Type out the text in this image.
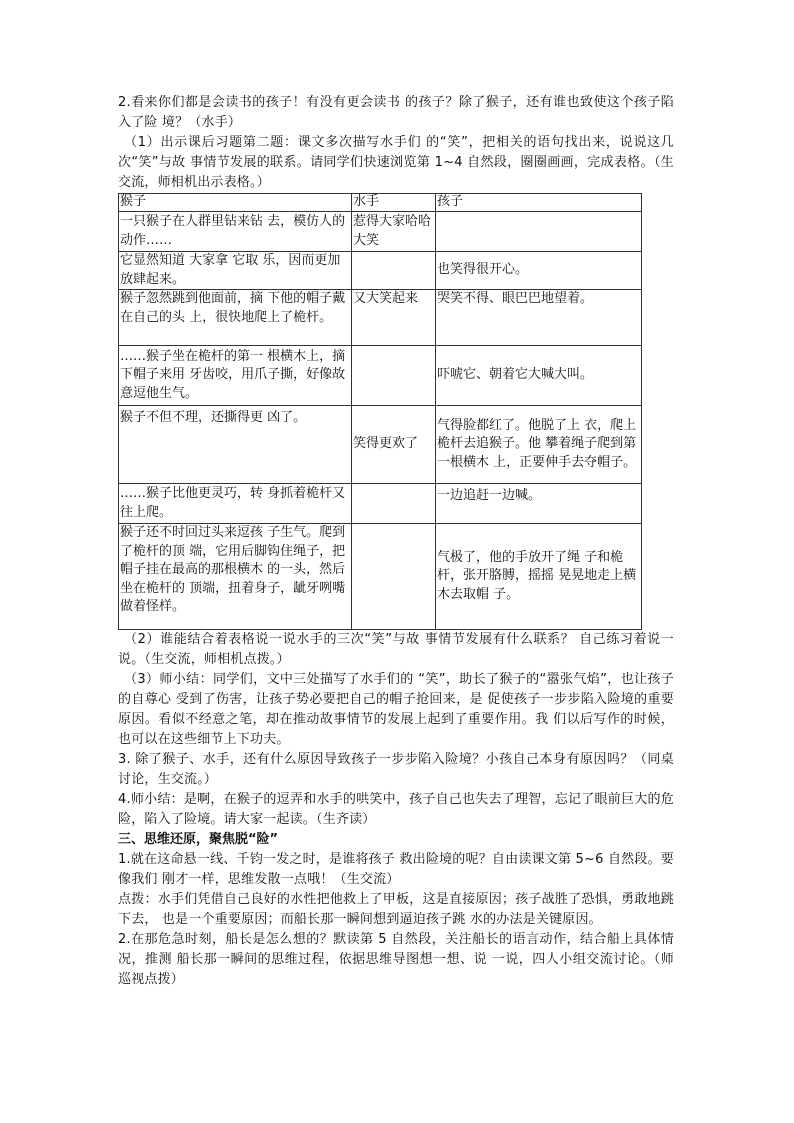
2.看来你们都是会读书的孩子！有没有更会读书 的孩子？除了猴子，还有谁也致使这个孩子陷入了险 境？（水手）

（1）出示课后习题第二题：课文多次描写水手们 的“笑”，把相关的语句找出来，说说这几次“笑”与故 事情节发展的联系。请同学们快速浏览第 1~4 自然段，圈圈画画，完成表格。（生交流，师相机出示表格。）

猴子	水手	孩子
一只猴子在人群里钻来钻 去，模仿人的动作……	惹得大家哈哈大笑	
它显然知道 大家拿 它取 乐，因而更加放肆起来。		也笑得很开心。
猴子忽然跳到他面前，摘 下他的帽子戴在自己的头 上，很快地爬上了桅杆。	又大笑起来	哭笑不得、眼巴巴地望着。
……猴子坐在桅杆的第一 根横木上，摘下帽子来用 牙齿咬，用爪子撕，好像故 意逗他生气。		吓唬它、朝着它大喊大叫。
猴子不但不理，还撕得更 凶了。	笑得更欢了	气得脸都红了。他脱了上 衣，爬上桅杆去追猴子。他 攀着绳子爬到第一根横木 上，正要伸手去夺帽子。
……猴子比他更灵巧，转 身抓着桅杆又往上爬。		一边追赶一边喊。
猴子还不时回过头来逗孩 子生气。爬到了桅杆的顶 端，它用后脚钩住绳子，把 帽子挂在最高的那根横木 的一头，然后坐在桅杆的 顶端，扭着身子，龇牙咧嘴 做着怪样。		气极了，他的手放开了绳 子和桅杆，张开胳膊，摇摇 晃晃地走上横木去取帽 子。

（2）谁能结合着表格说一说水手的三次“笑”与故 事情节发展有什么联系？ 自己练习着说一说。（生交流，师相机点拨。）

（3）师小结：同学们，文中三处描写了水手们的 “笑”，助长了猴子的“嚣张气焰”，也让孩子的自尊心 受到了伤害，让孩子势必要把自己的帽子抢回来，是 促使孩子一步步陷入险境的重要原因。看似不经意之笔，却在推动故事情节的发展上起到了重要作用。我 们以后写作的时候，也可以在这些细节上下功夫。

3. 除了猴子、水手，还有什么原因导致孩子一步步陷入险境？小孩自己本身有原因吗？（同桌讨论，生交流。）

4.师小结：是啊，在猴子的逗弄和水手的哄笑中，孩子自己也失去了理智，忘记了眼前巨大的危险，陷入了险境。请大家一起读。（生齐读）

三、思维还原，聚焦脱“险”

1.就在这命悬一线、千钧一发之时，是谁将孩子 救出险境的呢？自由读课文第 5~6 自然段。要像我们 刚才一样，思维发散一点哦！（生交流）

点拨：水手们凭借自己良好的水性把他救上了甲板，这是直接原因；孩子战胜了恐惧，勇敢地跳下去， 也是一个重要原因；而船长那一瞬间想到逼迫孩子跳 水的办法是关键原因。

2.在那危急时刻，船长是怎么想的？默读第 5 自然段，关注船长的语言动作，结合船上具体情况，推测 船长那一瞬间的思维过程，依据思维导图想一想、说 一说，四人小组交流讨论。（师巡视点拨）
